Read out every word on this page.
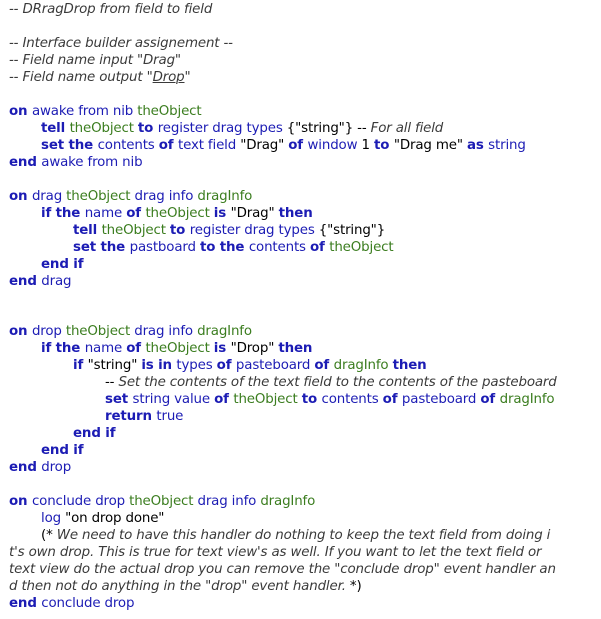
-- DRragDrop from field to field
-- Interface builder assignement --
-- Field name input "Drag"
-- Field name output "Drop"
on awake from nib theObject
tell theObject to register drag types {"string"} -- For all field
set the contents of text field "Drag" of window 1 to "Drag me" as string
end awake from nib
on drag theObject drag info dragInfo
if the name of theObject is "Drag" then
tell theObject to register drag types {"string"}
set the pastboard to the contents of theObject
end if
end drag
on drop theObject drag info dragInfo
if the name of theObject is "Drop" then
if "string" is in types of pasteboard of dragInfo then
-- Set the contents of the text field to the contents of the pasteboard
set string value of theObject to contents of pasteboard of dragInfo
return true
end if
end if
end drop
on conclude drop theObject drag info dragInfo
log "on drop done"
(* We need to have this handler do nothing to keep the text field from doing i
t's own drop. This is true for text view's as well. If you want to let the text field or
text view do the actual drop you can remove the "conclude drop" event handler an
d then not do anything in the "drop" event handler. *)
end conclude drop
